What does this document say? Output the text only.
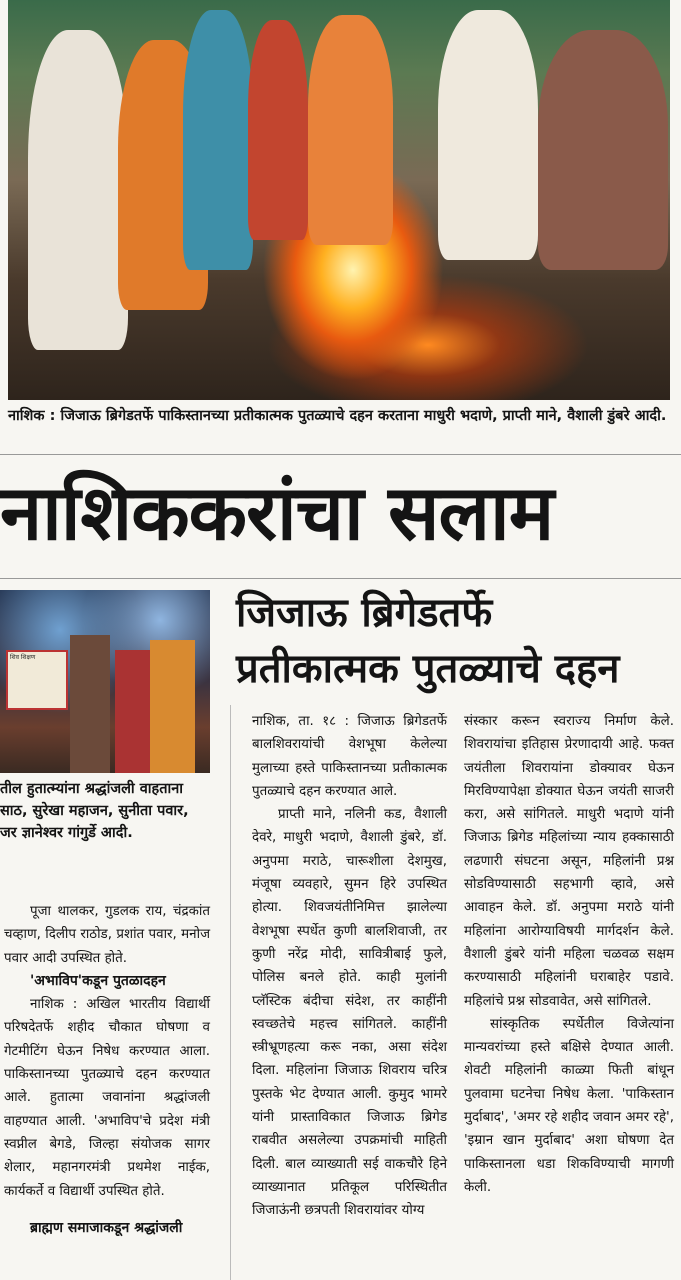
नाशिक : जिजाऊ ब्रिगेडतर्फे पाकिस्तानच्या प्रतीकात्मक पुतळ्याचे दहन करताना माधुरी भदाणे, प्राप्ती माने, वैशाली डुंबरे आदी.
नाशिककरांचा सलाम
शिव शिक्षण
तील हुतात्म्यांना श्रद्धांजली वाहताना
साठ, सुरेखा महाजन, सुनीता पवार,
जर ज्ञानेश्वर गांगुर्डे आदी.
जिजाऊ ब्रिगेडतर्फे
प्रतीकात्मक पुतळ्याचे दहन

पूजा थालकर, गुडलक राय, चंद्रकांत चव्हाण, दिलीप राठोड, प्रशांत पवार, मनोज पवार आदी उपस्थित होते.

'अभाविप'कडून पुतळादहन

नाशिक : अखिल भारतीय विद्यार्थी परिषदेतर्फे शहीद चौकात घोषणा व गेटमीटिंग घेऊन निषेध करण्यात आला. पाकिस्तानच्या पुतळ्याचे दहन करण्यात आले. हुतात्मा जवानांना श्रद्धांजली वाहण्यात आली. 'अभाविप'चे प्रदेश मंत्री स्वप्नील बेगडे, जिल्हा संयोजक सागर शेलार, महानगरमंत्री प्रथमेश नाईक, कार्यकर्ते व विद्यार्थी उपस्थित होते.

ब्राह्मण समाजाकडून श्रद्धांजली

नाशिक, ता. १८ : जिजाऊ ब्रिगेडतर्फे बालशिवरायांची वेशभूषा केलेल्या मुलाच्या हस्ते पाकिस्तानच्या प्रतीकात्मक पुतळ्याचे दहन करण्यात आले.

प्राप्ती माने, नलिनी कड, वैशाली देवरे, माधुरी भदाणे, वैशाली डुंबरे, डॉ. अनुपमा मराठे, चारूशीला देशमुख, मंजूषा व्यवहारे, सुमन हिरे उपस्थित होत्या. शिवजयंतीनिमित्त झालेल्या वेशभूषा स्पर्धेत कुणी बालशिवाजी, तर कुणी नरेंद्र मोदी, सावित्रीबाई फुले, पोलिस बनले होते. काही मुलांनी प्लॅस्टिक बंदीचा संदेश, तर काहींनी स्वच्छतेचे महत्त्व सांगितले. काहींनी स्त्रीभ्रूणहत्या करू नका, असा संदेश दिला. महिलांना जिजाऊ शिवराय चरित्र पुस्तके भेट देण्यात आली. कुमुद भामरे यांनी प्रास्ताविकात जिजाऊ ब्रिगेड राबवीत असलेल्या उपक्रमांची माहिती दिली. बाल व्याख्याती सई वाकचौरे हिने व्याख्यानात प्रतिकूल परिस्थितीत जिजाऊंनी छत्रपती शिवरायांवर योग्य

संस्कार करून स्वराज्य निर्माण केले. शिवरायांचा इतिहास प्रेरणादायी आहे. फक्त जयंतीला शिवरायांना डोक्यावर घेऊन मिरविण्यापेक्षा डोक्यात घेऊन जयंती साजरी करा, असे सांगितले. माधुरी भदाणे यांनी जिजाऊ ब्रिगेड महिलांच्या न्याय हक्कासाठी लढणारी संघटना असून, महिलांनी प्रश्न सोडविण्यासाठी सहभागी व्हावे, असे आवाहन केले. डॉ. अनुपमा मराठे यांनी महिलांना आरोग्याविषयी मार्गदर्शन केले. वैशाली डुंबरे यांनी महिला चळवळ सक्षम करण्यासाठी महिलांनी घराबाहेर पडावे. महिलांचे प्रश्न सोडवावेत, असे सांगितले.

सांस्कृतिक स्पर्धेतील विजेत्यांना मान्यवरांच्या हस्ते बक्षिसे देण्यात आली. शेवटी महिलांनी काळ्या फिती बांधून पुलवामा घटनेचा निषेध केला. 'पाकिस्तान मुर्दाबाद', 'अमर रहे शहीद जवान अमर रहे', 'इम्रान खान मुर्दाबाद' अशा घोषणा देत पाकिस्तानला धडा शिकविण्याची मागणी केली.
